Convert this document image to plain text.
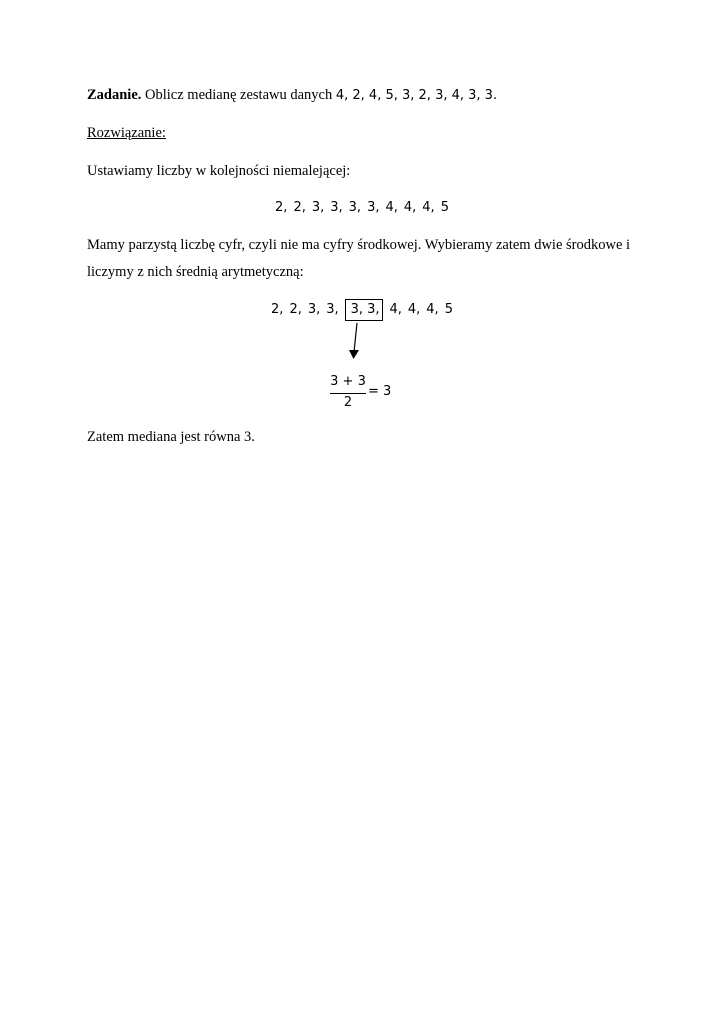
Zadanie. Oblicz medianę zestawu danych 4, 2, 4, 5, 3, 2, 3, 4, 3, 3.
Rozwiązanie:
Ustawiamy liczby w kolejności niemalejącej:
2, 2, 3, 3, 3, 3, 4, 4, 4, 5
Mamy parzystą liczbę cyfr, czyli nie ma cyfry środkowej. Wybieramy zatem dwie środkowe i
liczymy z nich średnią arytmetyczną:
2, 2, 3, 3, 3, 3, 4, 4, 4, 5
3 + 3
2
= 3
Zatem mediana jest równa 3.
